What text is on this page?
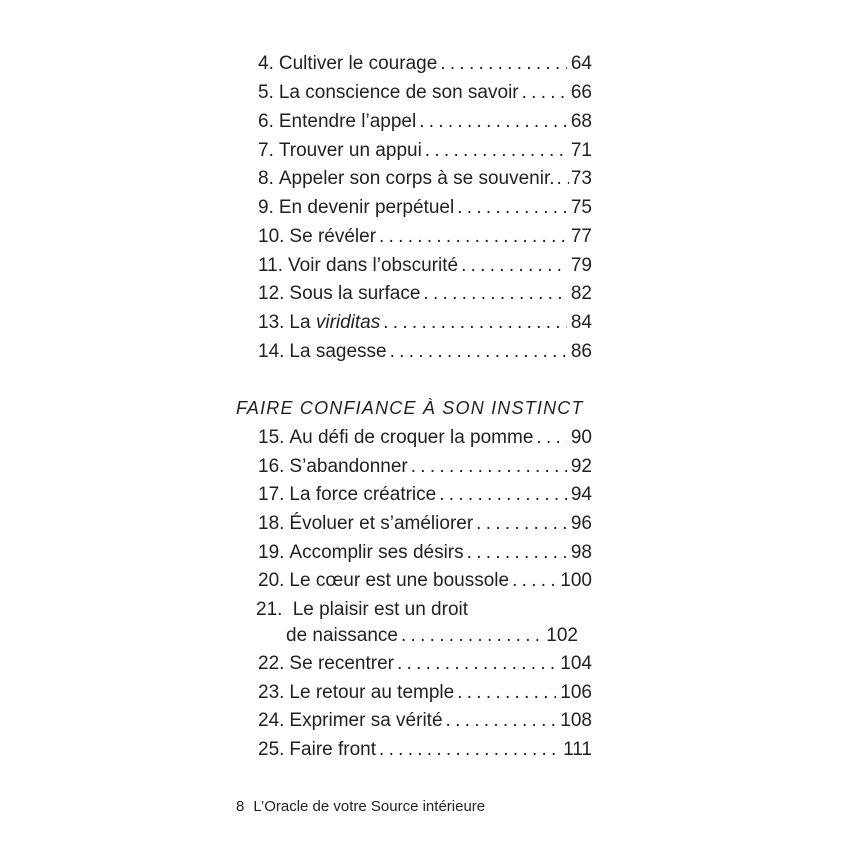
4. Cultiver le courage . . .	64
5. La conscience de son savoir . . .	66
6. Entendre l’appel . . .	68
7. Trouver un appui . . .	71
8. Appeler son corps à se souvenir. . . . 73
9. En devenir perpétuel . . .	75
10. Se révéler . . .	77
11. Voir dans l’obscurité . . .	79
12. Sous la surface . . .	82
13. La viriditas . . .	84
14. La sagesse . . .	86
FAIRE CONFIANCE À SON INSTINCT
15. Au défi de croquer la pomme . . . 90
16. S’abandonner . . .	92
17. La force créatrice . . .	94
18. Évoluer et s’améliorer . . .	96
19. Accomplir ses désirs . . .	98
20. Le cœur est une boussole . . .	100
21. Le plaisir est un droit
de naissance . . .	102
22. Se recentrer . . .	104
23. Le retour au temple . . .	106
24. Exprimer sa vérité . . .	108
25. Faire front . . .	111
8 L’Oracle de votre Source intérieure
